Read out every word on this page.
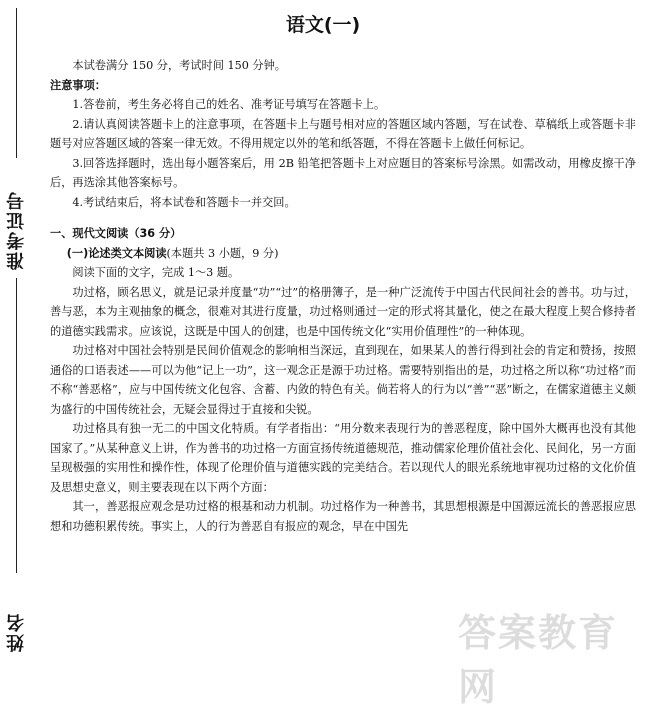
准考证号
姓名
语文(一)

本试卷满分 150 分，考试时间 150 分钟。

注意事项：

1.答卷前，考生务必将自己的姓名、准考证号填写在答题卡上。

2.请认真阅读答题卡上的注意事项，在答题卡上与题号相对应的答题区域内答题，写在试卷、草稿纸上或答题卡非题号对应答题区域的答案一律无效。不得用规定以外的笔和纸答题，不得在答题卡上做任何标记。

3.回答选择题时，选出每小题答案后，用 2B 铅笔把答题卡上对应题目的答案标号涂黑。如需改动，用橡皮擦干净后，再选涂其他答案标号。

4.考试结束后，将本试卷和答题卡一并交回。

一、现代文阅读（36 分）

(一)论述类文本阅读(本题共 3 小题，9 分)

阅读下面的文字，完成 1～3 题。

功过格，顾名思义，就是记录并度量“功”“过”的格册簿子，是一种广泛流传于中国古代民间社会的善书。功与过，善与恶，本为主观抽象的概念，很难对其进行度量，功过格则通过一定的形式将其量化，使之在最大程度上契合修持者的道德实践需求。应该说，这既是中国人的创建，也是中国传统文化“实用价值理性”的一种体现。

功过格对中国社会特别是民间价值观念的影响相当深远，直到现在，如果某人的善行得到社会的肯定和赞扬，按照通俗的口语表述——可以为他“记上一功”，这一观念正是源于功过格。需要特别指出的是，功过格之所以称“功过格”而不称“善恶格”，应与中国传统文化包容、含蓄、内敛的特色有关。倘若将人的行为以“善”“恶”断之，在儒家道德主义颇为盛行的中国传统社会，无疑会显得过于直接和尖锐。

功过格具有独一无二的中国文化特质。有学者指出：“用分数来表现行为的善恶程度，除中国外大概再也没有其他国家了。”从某种意义上讲，作为善书的功过格一方面宣扬传统道德规范，推动儒家伦理价值社会化、民间化，另一方面呈现极强的实用性和操作性，体现了伦理价值与道德实践的完美结合。若以现代人的眼光系统地审视功过格的文化价值及思想史意义，则主要表现在以下两个方面：

其一，善恶报应观念是功过格的根基和动力机制。功过格作为一种善书，其思想根源是中国源远流长的善恶报应思想和功德积累传统。事实上，人的行为善恶自有报应的观念，早在中国先

答案教育网
